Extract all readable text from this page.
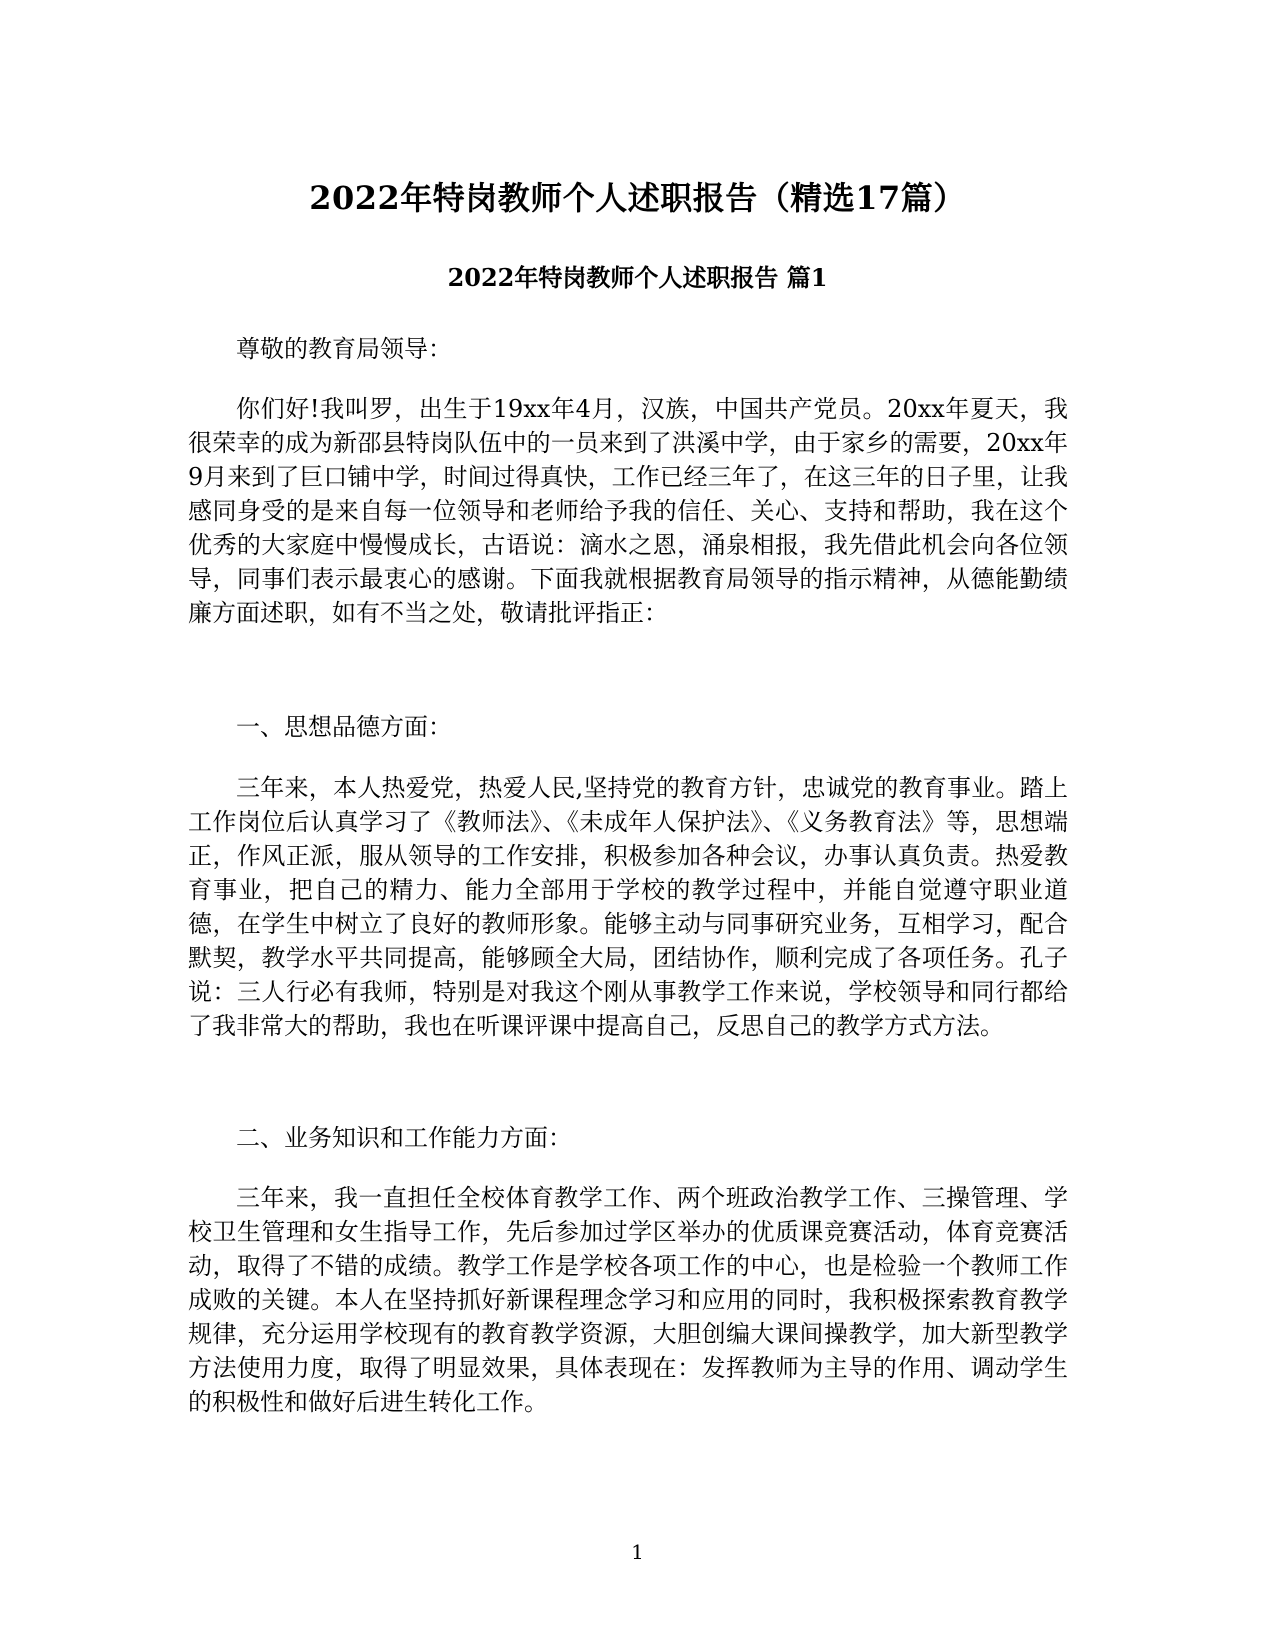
2022年特岗教师个人述职报告（精选17篇）
2022年特岗教师个人述职报告 篇1

尊敬的教育局领导：

你们好!我叫罗，出生于19xx年4月，汉族，中国共产党员。20xx年夏天，我很荣幸的成为新邵县特岗队伍中的一员来到了洪溪中学，由于家乡的需要，20xx年9月来到了巨口铺中学，时间过得真快，工作已经三年了，在这三年的日子里，让我感同身受的是来自每一位领导和老师给予我的信任、关心、支持和帮助，我在这个优秀的大家庭中慢慢成长，古语说：滴水之恩，涌泉相报，我先借此机会向各位领导，同事们表示最衷心的感谢。下面我就根据教育局领导的指示精神，从德能勤绩廉方面述职，如有不当之处，敬请批评指正：

一、思想品德方面：

三年来，本人热爱党，热爱人民,坚持党的教育方针，忠诚党的教育事业。踏上工作岗位后认真学习了《教师法》、《未成年人保护法》、《义务教育法》等，思想端正，作风正派，服从领导的工作安排，积极参加各种会议，办事认真负责。热爱教育事业，把自己的精力、能力全部用于学校的教学过程中，并能自觉遵守职业道德，在学生中树立了良好的教师形象。能够主动与同事研究业务，互相学习，配合默契，教学水平共同提高，能够顾全大局，团结协作，顺利完成了各项任务。孔子说：三人行必有我师，特别是对我这个刚从事教学工作来说，学校领导和同行都给了我非常大的帮助，我也在听课评课中提高自己，反思自己的教学方式方法。

二、业务知识和工作能力方面：

三年来，我一直担任全校体育教学工作、两个班政治教学工作、三操管理、学校卫生管理和女生指导工作，先后参加过学区举办的优质课竞赛活动，体育竞赛活动，取得了不错的成绩。教学工作是学校各项工作的中心，也是检验一个教师工作成败的关键。本人在坚持抓好新课程理念学习和应用的同时，我积极探索教育教学规律，充分运用学校现有的教育教学资源，大胆创编大课间操教学，加大新型教学方法使用力度，取得了明显效果，具体表现在：发挥教师为主导的作用、调动学生的积极性和做好后进生转化工作。

1
